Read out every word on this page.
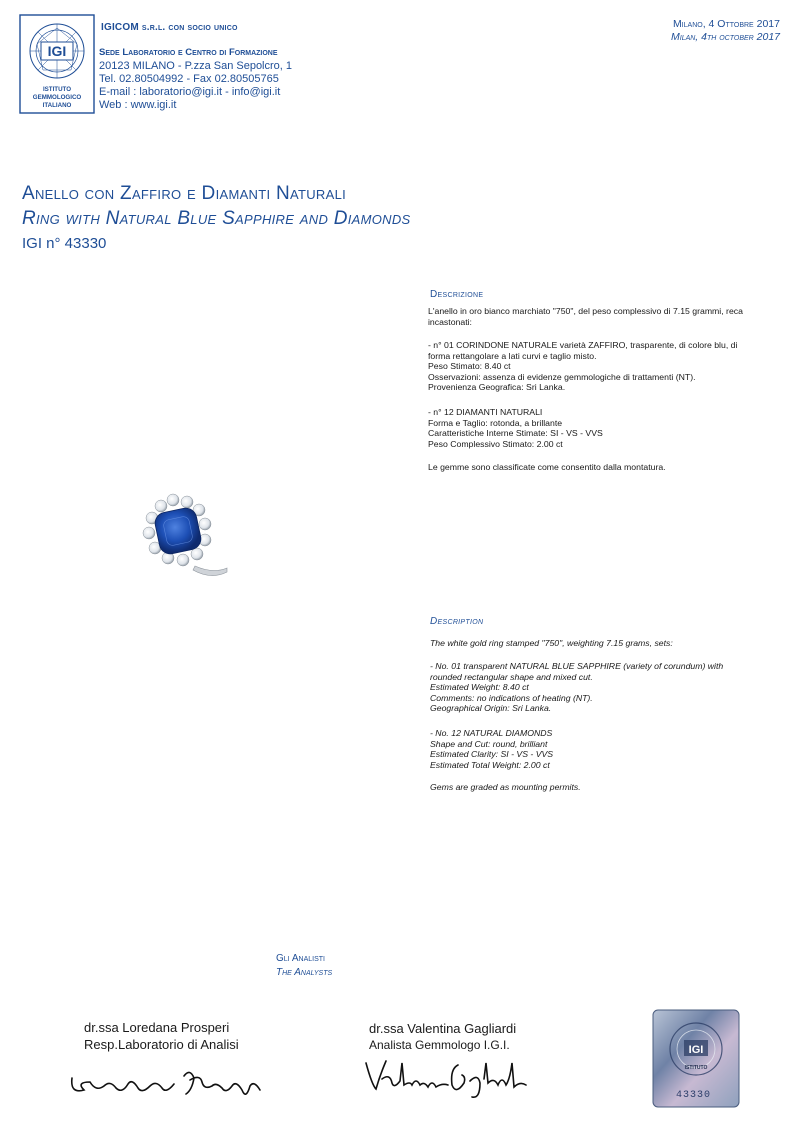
IGI
ISTITUTO
GEMMOLOGICO
ITALIANO
IGICOM s.r.l. con socio unico
Sede Laboratorio e Centro di Formazione
20123 MILANO - P.zza San Sepolcro, 1
Tel. 02.80504992 - Fax 02.80505765
E-mail : laboratorio@igi.it - info@igi.it
Web : www.igi.it
Milano, 4 Ottobre 2017
Milan, 4th october 2017
Anello con Zaffiro e Diamanti Naturali
Ring with Natural Blue Sapphire and Diamonds
IGI n° 43330
Descrizione
L'anello in oro bianco marchiato "750", del peso complessivo di 7.15 grammi, reca
incastonati:
- n° 01 CORINDONE NATURALE varietà ZAFFIRO, trasparente, di colore blu, di
forma rettangolare a lati curvi e taglio misto.
Peso Stimato: 8.40 ct
Osservazioni: assenza di evidenze gemmologiche di trattamenti (NT).
Provenienza Geografica: Sri Lanka.
- n° 12 DIAMANTI NATURALI
Forma e Taglio: rotonda, a brillante
Caratteristiche Interne Stimate: SI - VS - VVS
Peso Complessivo Stimato: 2.00 ct
Le gemme sono classificate come consentito dalla montatura.
Description
The white gold ring stamped "750", weighting 7.15 grams, sets:
- No. 01 transparent NATURAL BLUE SAPPHIRE (variety of corundum) with
rounded rectangular shape and mixed cut.
Estimated Weight: 8.40 ct
Comments: no indications of heating (NT).
Geographical Origin: Sri Lanka.
- No. 12 NATURAL DIAMONDS
Shape and Cut: round, brilliant
Estimated Clarity: SI - VS - VVS
Estimated Total Weight: 2.00 ct
Gems are graded as mounting permits.
Gli Analisti
The Analysts
dr.ssa Loredana Prosperi
Resp.Laboratorio di Analisi
dr.ssa Valentina Gagliardi
Analista Gemmologo I.G.I.	IGI
ISTITUTO
43330
